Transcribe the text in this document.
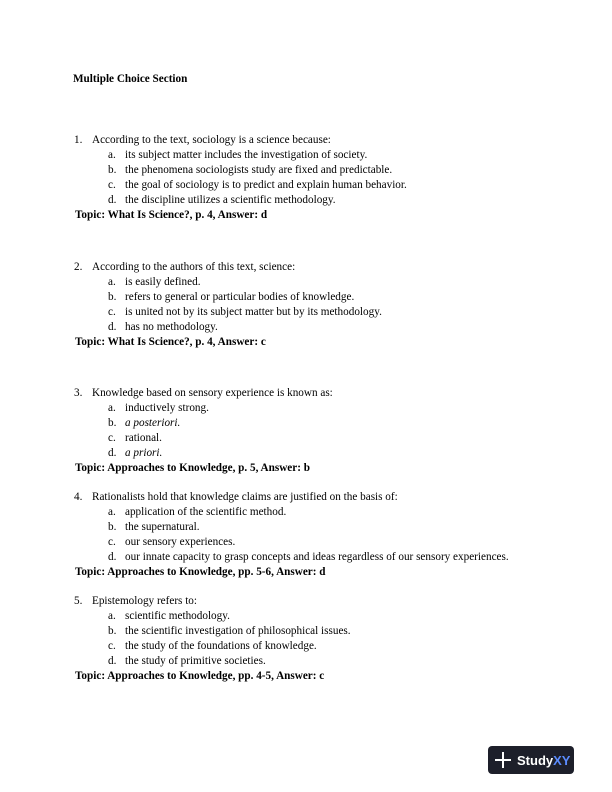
Multiple Choice Section
1. According to the text, sociology is a science because:
a. its subject matter includes the investigation of society.
b. the phenomena sociologists study are fixed and predictable.
c. the goal of sociology is to predict and explain human behavior.
d. the discipline utilizes a scientific methodology.
Topic: What Is Science?, p. 4, Answer: d
2. According to the authors of this text, science:
a. is easily defined.
b. refers to general or particular bodies of knowledge.
c. is united not by its subject matter but by its methodology.
d. has no methodology.
Topic: What Is Science?, p. 4, Answer: c
3. Knowledge based on sensory experience is known as:
a. inductively strong.
b. a posteriori.
c. rational.
d. a priori.
Topic: Approaches to Knowledge, p. 5, Answer: b
4. Rationalists hold that knowledge claims are justified on the basis of:
a. application of the scientific method.
b. the supernatural.
c. our sensory experiences.
d. our innate capacity to grasp concepts and ideas regardless of our sensory experiences.
Topic: Approaches to Knowledge, pp. 5-6, Answer: d
5. Epistemology refers to:
a. scientific methodology.
b. the scientific investigation of philosophical issues.
c. the study of the foundations of knowledge.
d. the study of primitive societies.
Topic: Approaches to Knowledge, pp. 4-5, Answer: c
StudyXY
